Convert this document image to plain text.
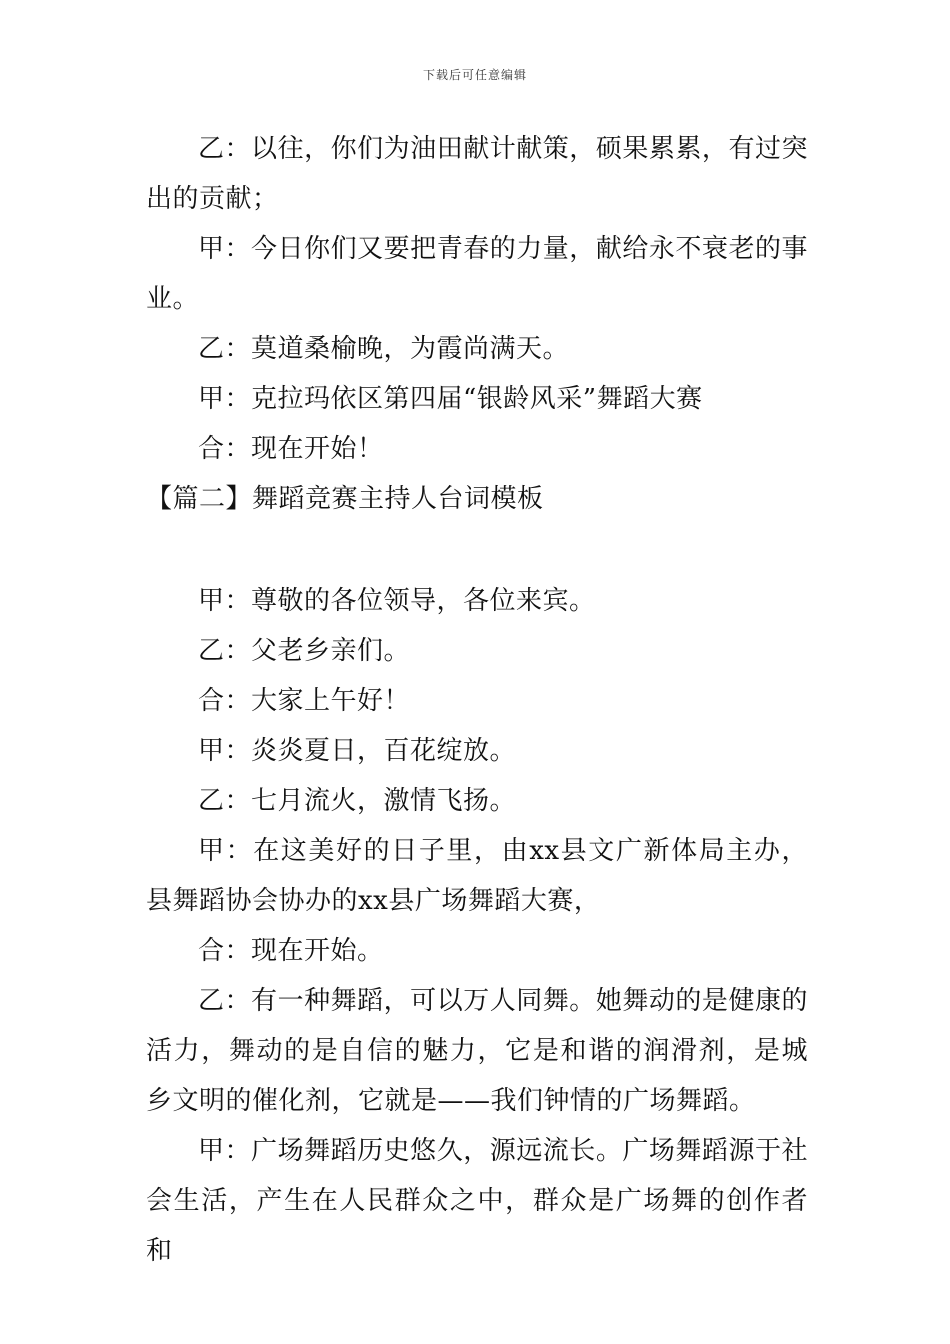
下载后可任意编辑

乙：以往，你们为油田献计献策，硕果累累，有过突出的贡献；

甲：今日你们又要把青春的力量，献给永不衰老的事业。

乙：莫道桑榆晚，为霞尚满天。

甲：克拉玛依区第四届“银龄风采”舞蹈大赛

合：现在开始！

【篇二】舞蹈竞赛主持人台词模板

甲：尊敬的各位领导，各位来宾。

乙：父老乡亲们。

合：大家上午好！

甲：炎炎夏日，百花绽放。

乙：七月流火，激情飞扬。

甲：在这美好的日子里，由xx县文广新体局主办，县舞蹈协会协办的xx县广场舞蹈大赛，

合：现在开始。

乙：有一种舞蹈，可以万人同舞。她舞动的是健康的活力，舞动的是自信的魅力，它是和谐的润滑剂，是城乡文明的催化剂，它就是——我们钟情的广场舞蹈。

甲：广场舞蹈历史悠久，源远流长。广场舞蹈源于社会生活，产生在人民群众之中，群众是广场舞的创作者和
